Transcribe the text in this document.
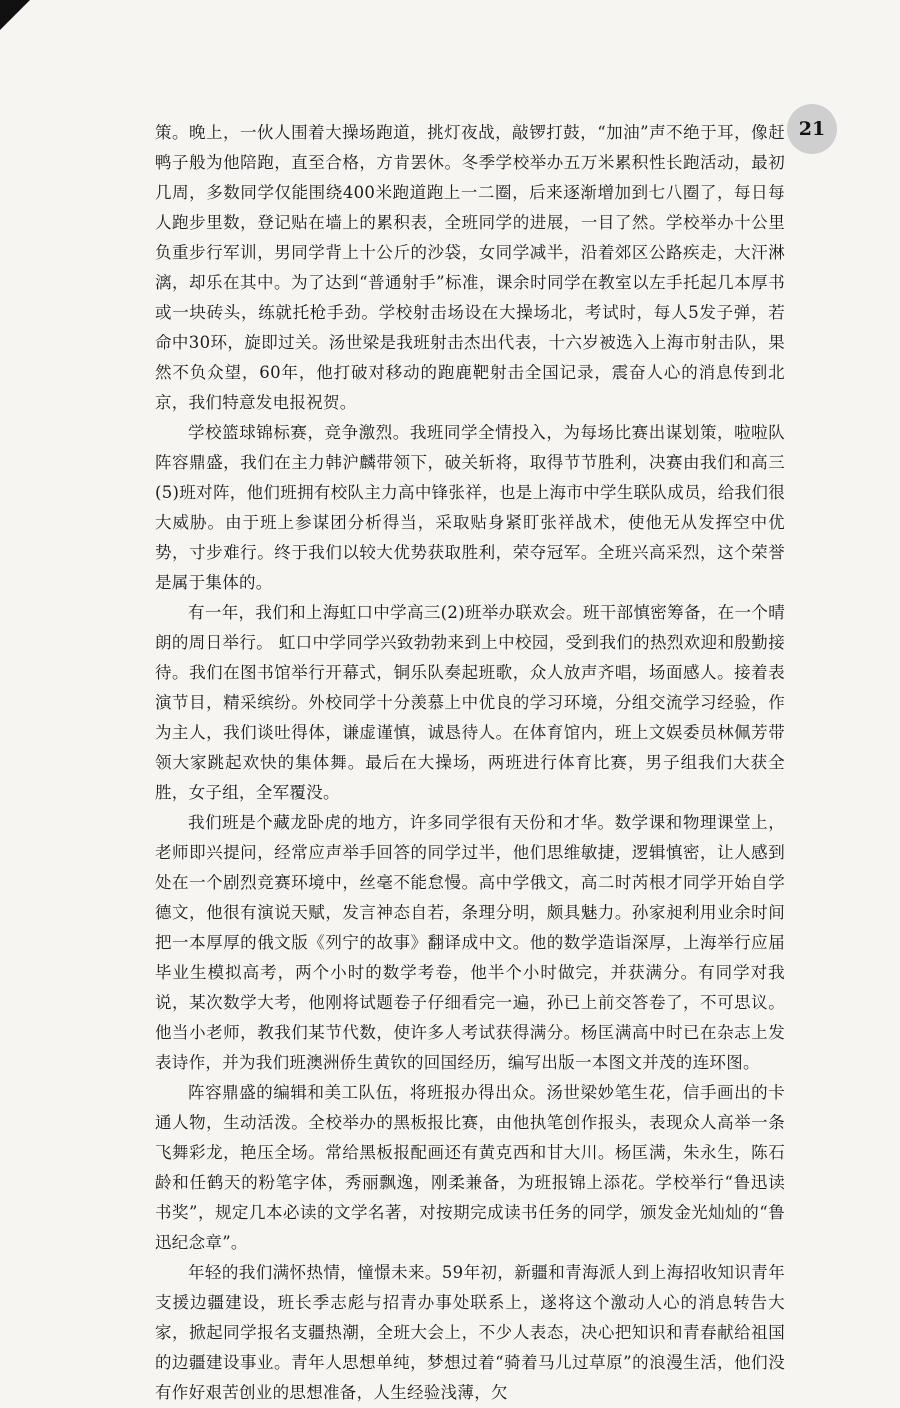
21

策。晚上，一伙人围着大操场跑道，挑灯夜战，敲锣打鼓，“加油”声不绝于耳，像赶鸭子般为他陪跑，直至合格，方肯罢休。冬季学校举办五万米累积性长跑活动，最初几周，多数同学仅能围绕400米跑道跑上一二圈，后来逐渐增加到七八圈了，每日每人跑步里数，登记贴在墙上的累积表，全班同学的进展，一目了然。学校举办十公里负重步行军训，男同学背上十公斤的沙袋，女同学减半，沿着郊区公路疾走，大汗淋漓，却乐在其中。为了达到“普通射手”标准，课余时同学在教室以左手托起几本厚书或一块砖头，练就托枪手劲。学校射击场设在大操场北，考试时，每人5发子弹，若命中30环，旋即过关。汤世梁是我班射击杰出代表，十六岁被选入上海市射击队，果然不负众望，60年，他打破对移动的跑鹿靶射击全国记录，震奋人心的消息传到北京，我们特意发电报祝贺。

学校篮球锦标赛，竞争激烈。我班同学全情投入，为每场比赛出谋划策，啦啦队阵容鼎盛，我们在主力韩沪麟带领下，破关斩将，取得节节胜利，决赛由我们和高三(5)班对阵，他们班拥有校队主力高中锋张祥，也是上海市中学生联队成员，给我们很大威胁。由于班上参谋团分析得当，采取贴身紧盯张祥战术，使他无从发挥空中优势，寸步难行。终于我们以较大优势获取胜利，荣夺冠军。全班兴高采烈，这个荣誉是属于集体的。

有一年，我们和上海虹口中学高三(2)班举办联欢会。班干部慎密筹备，在一个晴朗的周日举行。 虹口中学同学兴致勃勃来到上中校园，受到我们的热烈欢迎和殷勤接待。我们在图书馆举行开幕式，铜乐队奏起班歌，众人放声齐唱，场面感人。接着表演节目，精采缤纷。外校同学十分羡慕上中优良的学习环境，分组交流学习经验，作为主人，我们谈吐得体，谦虚谨慎，诚恳待人。在体育馆内，班上文娱委员林佩芳带领大家跳起欢快的集体舞。最后在大操场，两班进行体育比赛，男子组我们大获全胜，女子组，全军覆没。

我们班是个藏龙卧虎的地方，许多同学很有天份和才华。数学课和物理课堂上，老师即兴提问，经常应声举手回答的同学过半，他们思维敏捷，逻辑慎密，让人感到处在一个剧烈竞赛环境中，丝毫不能怠慢。高中学俄文，高二时芮根才同学开始自学德文，他很有演说天赋，发言神态自若，条理分明，颇具魅力。孙家昶利用业余时间把一本厚厚的俄文版《列宁的故事》翻译成中文。他的数学造诣深厚，上海举行应届毕业生模拟高考，两个小时的数学考卷，他半个小时做完，并获满分。有同学对我说，某次数学大考，他刚将试题卷子仔细看完一遍，孙已上前交答卷了，不可思议。他当小老师，教我们某节代数，使许多人考试获得满分。杨匡满高中时已在杂志上发表诗作，并为我们班澳洲侨生黄钦的回国经历，编写出版一本图文并茂的连环图。

阵容鼎盛的编辑和美工队伍，将班报办得出众。汤世梁妙笔生花，信手画出的卡通人物，生动活泼。全校举办的黑板报比赛，由他执笔创作报头，表现众人高举一条飞舞彩龙，艳压全场。常给黑板报配画还有黄克西和甘大川。杨匡满，朱永生，陈石龄和任鹤天的粉笔字体，秀丽飘逸，刚柔兼备，为班报锦上添花。学校举行“鲁迅读书奖”，规定几本必读的文学名著，对按期完成读书任务的同学，颁发金光灿灿的“鲁迅纪念章”。

年轻的我们满怀热情，憧憬未来。59年初，新疆和青海派人到上海招收知识青年支援边疆建设，班长季志彪与招青办事处联系上，遂将这个激动人心的消息转告大家，掀起同学报名支疆热潮，全班大会上，不少人表态，决心把知识和青春献给祖国的边疆建设事业。青年人思想单纯，梦想过着“骑着马儿过草原”的浪漫生活，他们没有作好艰苦创业的思想准备，人生经验浅薄，欠
